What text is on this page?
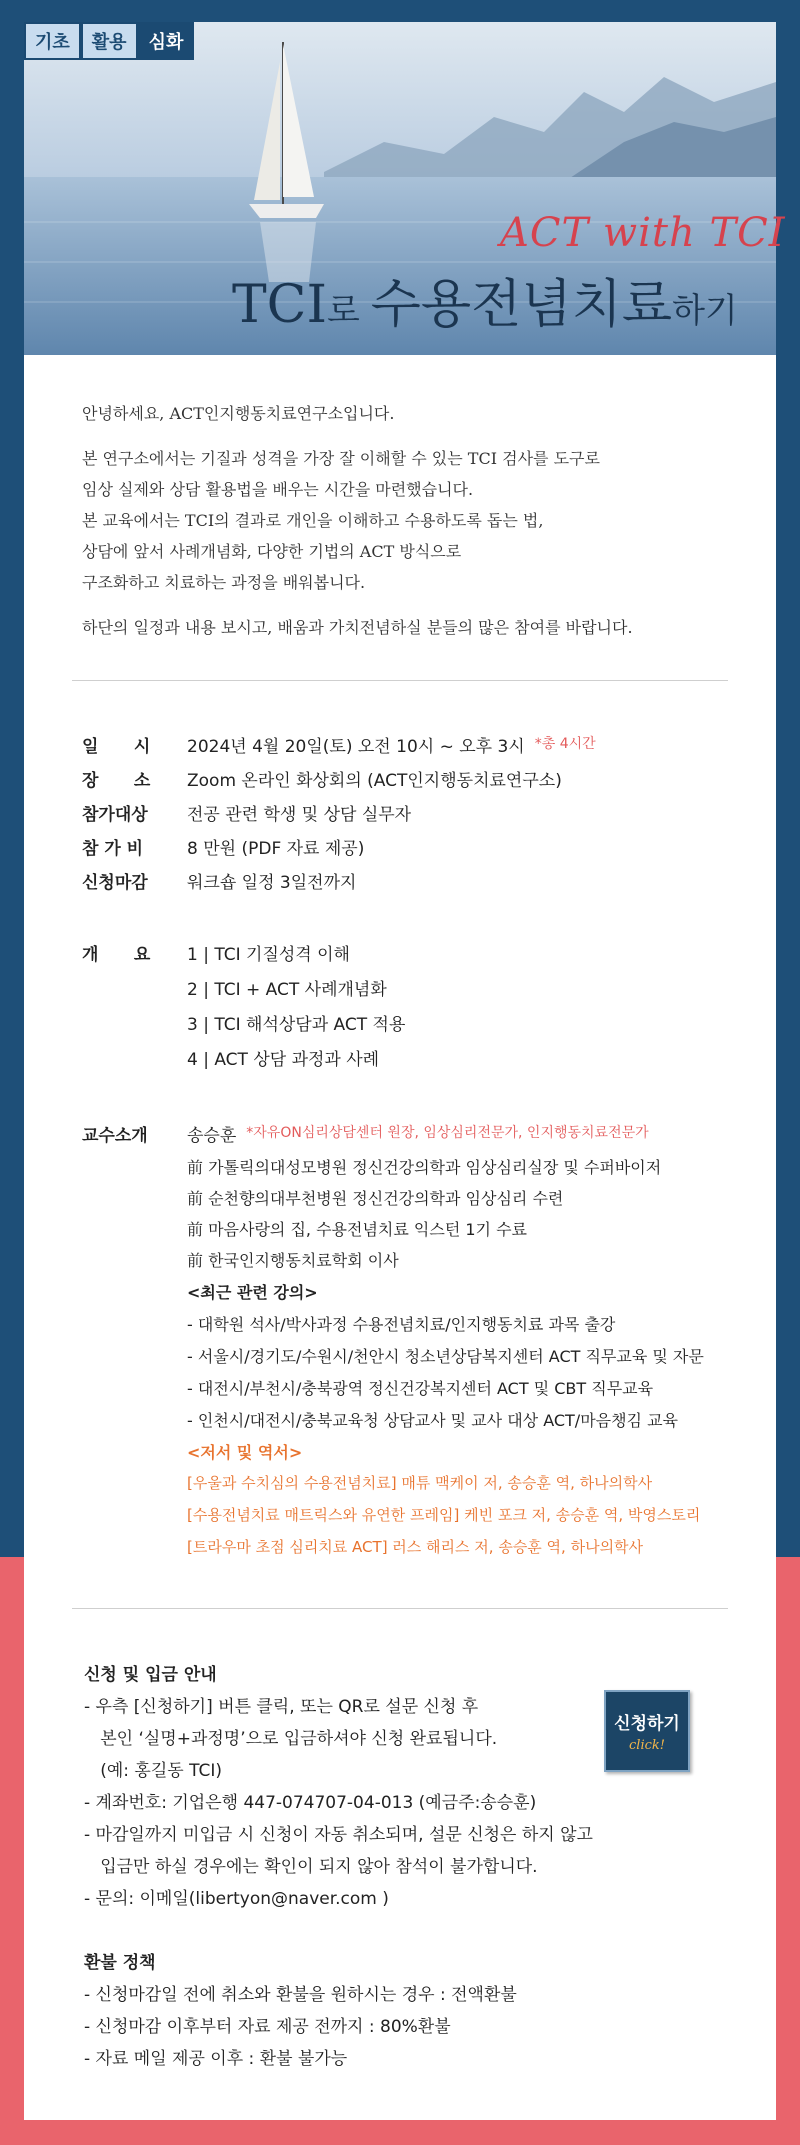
기초	활용	심화
ACT with TCI
TCI로 수용전념치료하기

안녕하세요, ACT인지행동치료연구소입니다.

본 연구소에서는 기질과 성격을 가장 잘 이해할 수 있는 TCI 검사를 도구로
임상 실제와 상담 활용법을 배우는 시간을 마련했습니다.
본 교육에서는 TCI의 결과로 개인을 이해하고 수용하도록 돕는 법,
상담에 앞서 사례개념화, 다양한 기법의 ACT 방식으로

구조화하고 치료하는 과정을 배워봅니다.

하단의 일정과 내용 보시고, 배움과 가치전념하실 분들의 많은 참여를 바랍니다.
일      시	2024년 4월 20일(토) 오전 10시 ~ 오후 3시 *총 4시간
장      소	Zoom 온라인 화상회의 (ACT인지행동치료연구소)
참가대상	전공 관련 학생 및 상담 실무자
참 가 비	8 만원 (PDF 자료 제공)
신청마감	워크숍 일정 3일전까지
개      요	1 | TCI 기질성격 이해
2 | TCI + ACT 사례개념화
3 | TCI 해석상담과 ACT 적용
4 | ACT 상담 과정과 사례
교수소개	송승훈 *자유ON심리상담센터 원장, 임상심리전문가, 인지행동치료전문가
前 가톨릭의대성모병원 정신건강의학과 임상심리실장 및 수퍼바이저
前 순천향의대부천병원 정신건강의학과 임상심리 수련
前 마음사랑의 집, 수용전념치료 익스턴 1기 수료
前 한국인지행동치료학회 이사
<최근 관련 강의>
- 대학원 석사/박사과정 수용전념치료/인지행동치료 과목 출강
- 서울시/경기도/수원시/천안시 청소년상담복지센터 ACT 직무교육 및 자문
- 대전시/부천시/충북광역 정신건강복지센터 ACT 및 CBT 직무교육
- 인천시/대전시/충북교육청 상담교사 및 교사 대상 ACT/마음챙김 교육
<저서 및 역서>
[우울과 수치심의 수용전념치료] 매튜 맥케이 저, 송승훈 역, 하나의학사
[수용전념치료 매트릭스와 유연한 프레임] 케빈 포크 저, 송승훈 역, 박영스토리
[트라우마 초점 심리치료 ACT] 러스 해리스 저, 송승훈 역, 하나의학사
신청 및 입금 안내
- 우측 [신청하기] 버튼 클릭, 또는 QR로 설문 신청 후
본인 ‘실명+과정명’으로 입금하셔야 신청 완료됩니다.
(예: 홍길동 TCI)
- 계좌번호: 기업은행 447-074707-04-013 (예금주:송승훈)
- 마감일까지 미입금 시 신청이 자동 취소되며, 설문 신청은 하지 않고
입금만 하실 경우에는 확인이 되지 않아 참석이 불가합니다.
- 문의: 이메일(libertyon@naver.com )
신청하기
click!
환불 정책
- 신청마감일 전에 취소와 환불을 원하시는 경우 : 전액환불
- 신청마감 이후부터 자료 제공 전까지 : 80%환불
- 자료 메일 제공 이후 : 환불 불가능
